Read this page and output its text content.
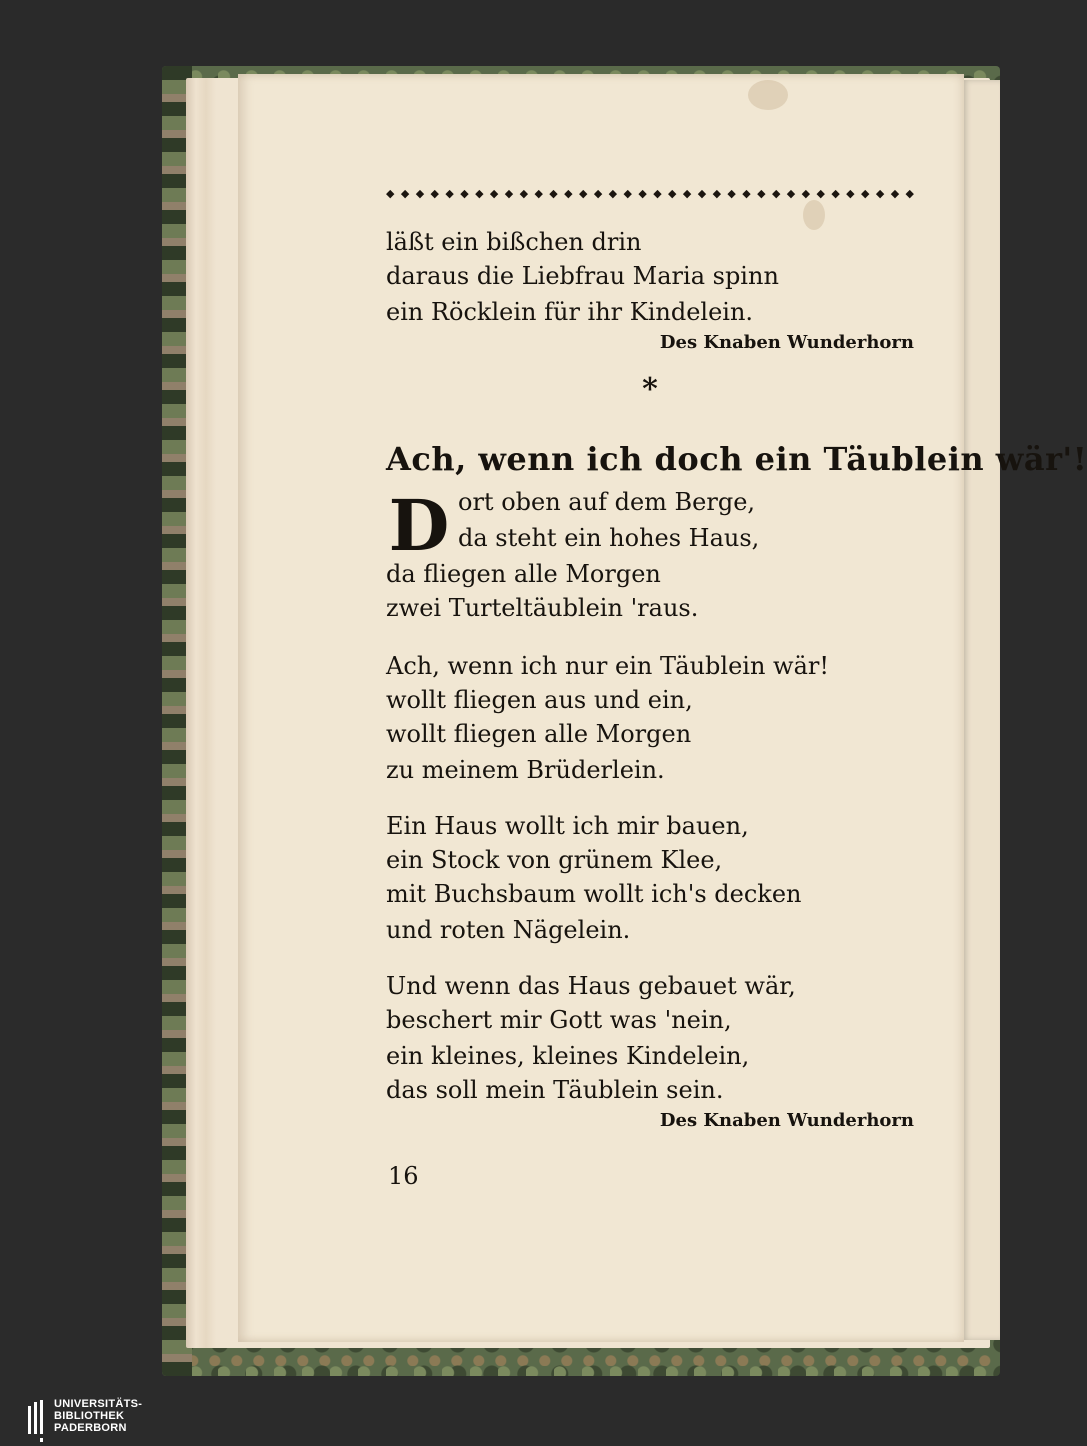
◆ ◆ ◆ ◆ ◆ ◆ ◆ ◆ ◆ ◆ ◆ ◆ ◆ ◆ ◆ ◆ ◆ ◆ ◆ ◆ ◆ ◆ ◆ ◆ ◆ ◆ ◆ ◆ ◆ ◆ ◆ ◆ ◆ ◆ ◆ ◆
läßt ein bißchen drin
daraus die Liebfrau Maria spinn
ein Röcklein für ihr Kindelein.
Des Knaben Wunderhorn
*
Ach, wenn ich doch ein Täublein wär'!
D ort oben auf dem Berge,
da steht ein hohes Haus,
da fliegen alle Morgen
zwei Turteltäublein 'raus.
Ach, wenn ich nur ein Täublein wär!
wollt fliegen aus und ein,
wollt fliegen alle Morgen
zu meinem Brüderlein.
Ein Haus wollt ich mir bauen,
ein Stock von grünem Klee,
mit Buchsbaum wollt ich's decken
und roten Nägelein.
Und wenn das Haus gebauet wär,
beschert mir Gott was 'nein,
ein kleines, kleines Kindelein,
das soll mein Täublein sein.
Des Knaben Wunderhorn
16
UNIVERSITÄTS-
BIBLIOTHEK
PADERBORN
